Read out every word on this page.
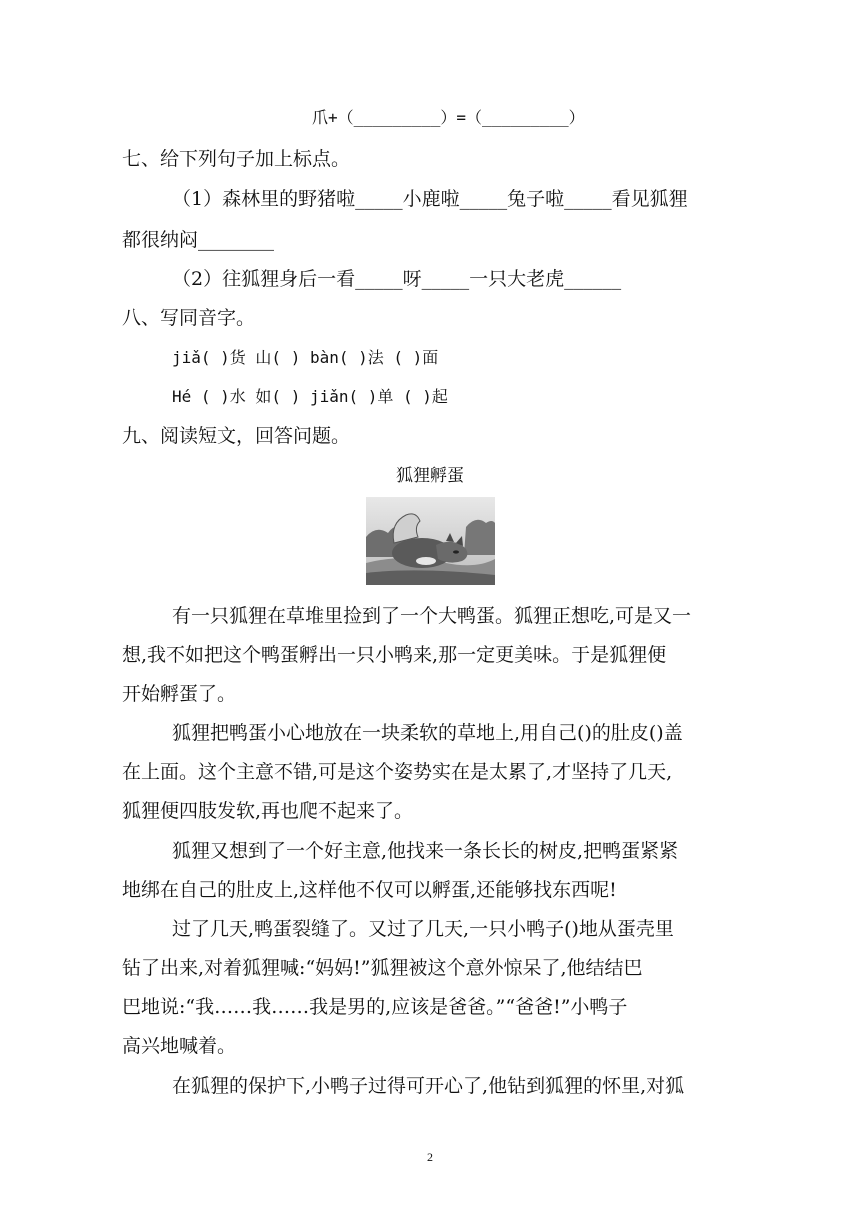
爪+（_________）=（_________）

七、给下列句子加上标点。

（1）森林里的野猪啦_____小鹿啦_____兔子啦_____看见狐狸

都很纳闷________

（2）往狐狸身后一看_____呀_____一只大老虎______

八、写同音字。

jiǎ( )货 山( ) bàn( )法 ( )面

Hé ( )水 如( ) jiǎn( )单 ( )起

九、阅读短文，回答问题。

狐狸孵蛋

有一只狐狸在草堆里捡到了一个大鸭蛋。狐狸正想吃,可是又一

想,我不如把这个鸭蛋孵出一只小鸭来,那一定更美味。于是狐狸便

开始孵蛋了。

狐狸把鸭蛋小心地放在一块柔软的草地上,用自己()的肚皮()盖

在上面。这个主意不错,可是这个姿势实在是太累了,才坚持了几天,

狐狸便四肢发软,再也爬不起来了。

狐狸又想到了一个好主意,他找来一条长长的树皮,把鸭蛋紧紧

地绑在自己的肚皮上,这样他不仅可以孵蛋,还能够找东西呢!

过了几天,鸭蛋裂缝了。又过了几天,一只小鸭子()地从蛋壳里

钻了出来,对着狐狸喊:“妈妈!”狐狸被这个意外惊呆了,他结结巴

巴地说:“我……我……我是男的,应该是爸爸。”“爸爸!”小鸭子

高兴地喊着。

在狐狸的保护下,小鸭子过得可开心了,他钻到狐狸的怀里,对狐

2
